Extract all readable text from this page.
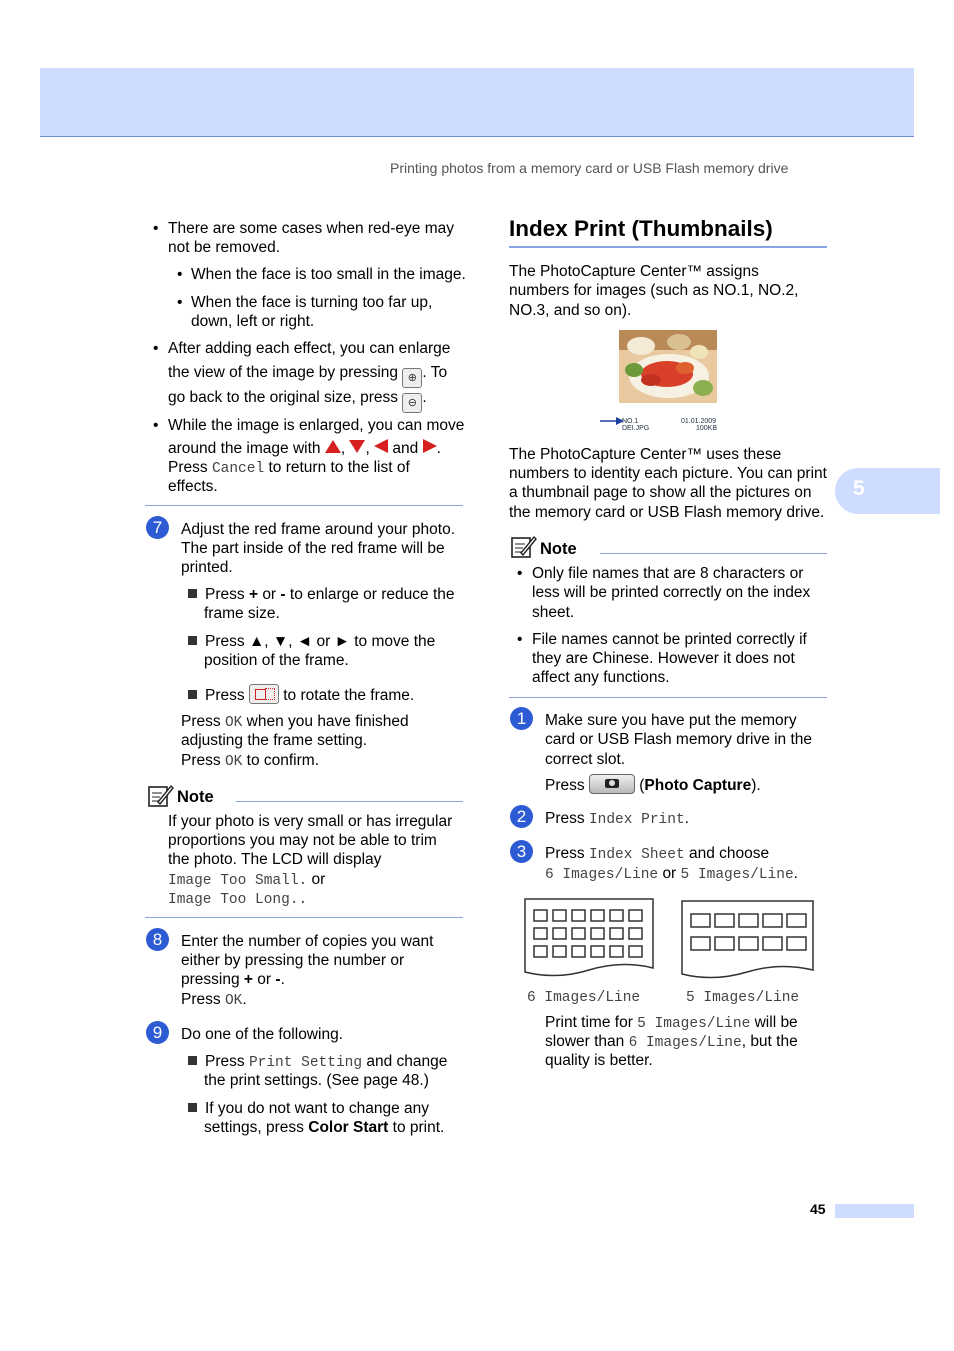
Printing photos from a memory card or USB Flash memory drive
5
45
• There are some cases when red-eye may
not be removed.
• When the face is too small in the image.
• When the face is turning too far up,
down, left or right.
• After adding each effect, you can enlarge
the view of the image by pressing ⊕ . To
go back to the original size, press ⊖ .
• While the image is enlarged, you can move
around the image with , , and .
Press Cancel to return to the list of
effects.
7	Adjust the red frame around your photo.
The part inside of the red frame will be
printed.
Press + or - to enlarge or reduce the
frame size.
Press ▲, ▼, ◄ or ► to move the
position of the frame.
Press to rotate the frame.
Press OK when you have finished
adjusting the frame setting.
Press OK to confirm.
Note
If your photo is very small or has irregular
proportions you may not be able to trim
the photo. The LCD will display
Image Too Small. or
Image Too Long..
8	Enter the number of copies you want
either by pressing the number or
pressing + or -.
Press OK.
9	Do one of the following.
Press Print Setting and change
the print settings. (See page 48.)
If you do not want to change any
settings, press Color Start to print.
Index Print (Thumbnails)
The PhotoCapture Center™ assigns
numbers for images (such as NO.1, NO.2,
NO.3, and so on).
NO.1
DEI.JPG
01.01.2009
100KB
The PhotoCapture Center™ uses these
numbers to identity each picture. You can print
a thumbnail page to show all the pictures on
the memory card or USB Flash memory drive.
Note
• Only file names that are 8 characters or
less will be printed correctly on the index
sheet.
• File names cannot be printed correctly if
they are Chinese. However it does not
affect any functions.
1	Make sure you have put the memory
card or USB Flash memory drive in the
correct slot.
Press	(Photo Capture).
2	Press Index Print.
3	Press Index Sheet and choose
6 Images/Line or 5 Images/Line.
6 Images/Line	5 Images/Line
Print time for 5 Images/Line will be
slower than 6 Images/Line, but the
quality is better.
